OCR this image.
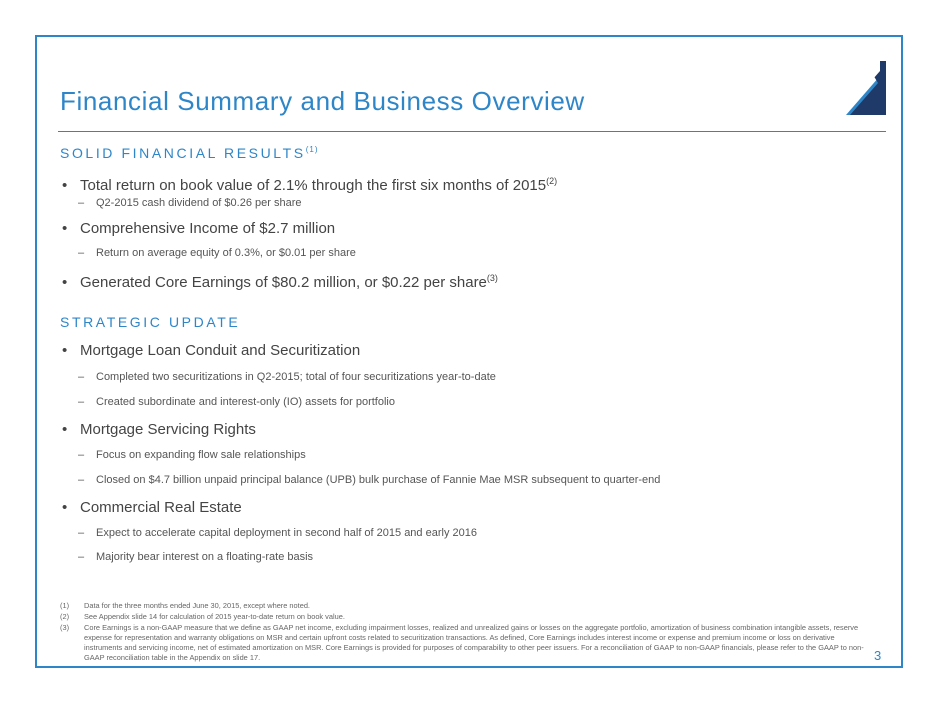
Financial Summary and Business Overview
SOLID FINANCIAL RESULTS$^{(1)}$
• Total return on book value of 2.1% through the first six months of 2015$^{(2)}$
– Q2-2015 cash dividend of $0.26 per share
• Comprehensive Income of $2.7 million
– Return on average equity of 0.3%, or $0.01 per share
• Generated Core Earnings of $80.2 million, or $0.22 per share$^{(3)}$
STRATEGIC UPDATE
• Mortgage Loan Conduit and Securitization
– Completed two securitizations in Q2-2015; total of four securitizations year-to-date
– Created subordinate and interest-only (IO) assets for portfolio
• Mortgage Servicing Rights
– Focus on expanding flow sale relationships
– Closed on $4.7 billion unpaid principal balance (UPB) bulk purchase of Fannie Mae MSR subsequent to quarter-end
• Commercial Real Estate
– Expect to accelerate capital deployment in second half of 2015 and early 2016
– Majority bear interest on a floating-rate basis
(1) Data for the three months ended June 30, 2015, except where noted.
(2) See Appendix slide 14 for calculation of 2015 year-to-date return on book value.
(3) Core Earnings is a non-GAAP measure that we define as GAAP net income, excluding impairment losses, realized and unrealized gains or losses on the aggregate portfolio, amortization of business combination intangible assets, reserve expense for representation and warranty obligations on MSR and certain upfront costs related to securitization transactions. As defined, Core Earnings includes interest income or expense and premium income or loss on derivative instruments and servicing income, net of estimated amortization on MSR. Core Earnings is provided for purposes of comparability to other peer issuers. For a reconciliation of GAAP to non-GAAP financials, please refer to the GAAP to non-GAAP reconciliation table in the Appendix on slide 17.	3
